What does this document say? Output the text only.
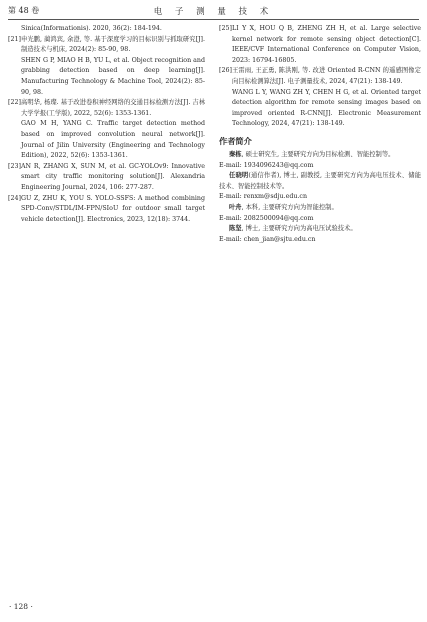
第 48 卷	电 子 测 量 技 术
Sinica(Informationis). 2020, 36(2): 184-194.
[21] 申光鹏, 蔺鸿宾, 余澄, 等. 基于深度学习的目标识别与抓取研究[J]. 制造技术与机床, 2024(2): 85-90, 98.
SHEN G P, MIAO H B, YU L, et al. Object recognition and grabbing detection based on deep learning[J]. Manufacturing Technology & Machine Tool, 2024(2): 85-90, 98.
[22] 高明华, 杨璨. 基于改进卷积神经网络的交通目标检测方法[J]. 吉林大学学报(工学版), 2022, 52(6): 1353-1361.
GAO M H, YANG C. Traffic target detection method based on improved convolution neural network[J]. Journal of Jilin University (Engineering and Technology Edition), 2022, 52(6): 1353-1361.
[23] AN R, ZHANG X, SUN M, et al. GC-YOLOv9: Innovative smart city traffic monitoring solution[J]. Alexandria Engineering Journal, 2024, 106: 277-287.
[24] GU Z, ZHU K, YOU S. YOLO-SSFS: A method combining SPD-Conv/STDL/IM-FPN/SIoU for outdoor small target vehicle detection[J]. Electronics, 2023, 12(18): 3744.
[25] LI Y X, HOU Q B, ZHENG ZH H, et al. Large selective kernel network for remote sensing object detection[C]. IEEE/CVF International Conference on Computer Vision, 2023: 16794-16805.
[26] 王雷雨, 王正勇, 陈洪刚, 等. 改进 Oriented R-CNN 的遥感图像定向目标检测算法[J]. 电子测量技术, 2024, 47(21): 138-149.
WANG L Y, WANG ZH Y, CHEN H G, et al. Oriented target detection algorithm for remote sensing images based on improved oriented R-CNN[J]. Electronic Measurement Technology, 2024, 47(21): 138-149.
作者简介

秦栋, 硕士研究生, 主要研究方向为目标检测、智能控制等。

E-mail: 1934096243@qq.com

任晓明(通信作者), 博士, 副教授, 主要研究方向为高电压技术、储能技术、智能控制技术等。

E-mail: renxm@sdju.edu.cn

叶舟, 本科, 主要研究方向为智能控制。

E-mail: 2082500094@qq.com

陈坚, 博士, 主要研究方向为高电压试验技术。

E-mail: chen_jian@sjtu.edu.cn

· 128 ·
